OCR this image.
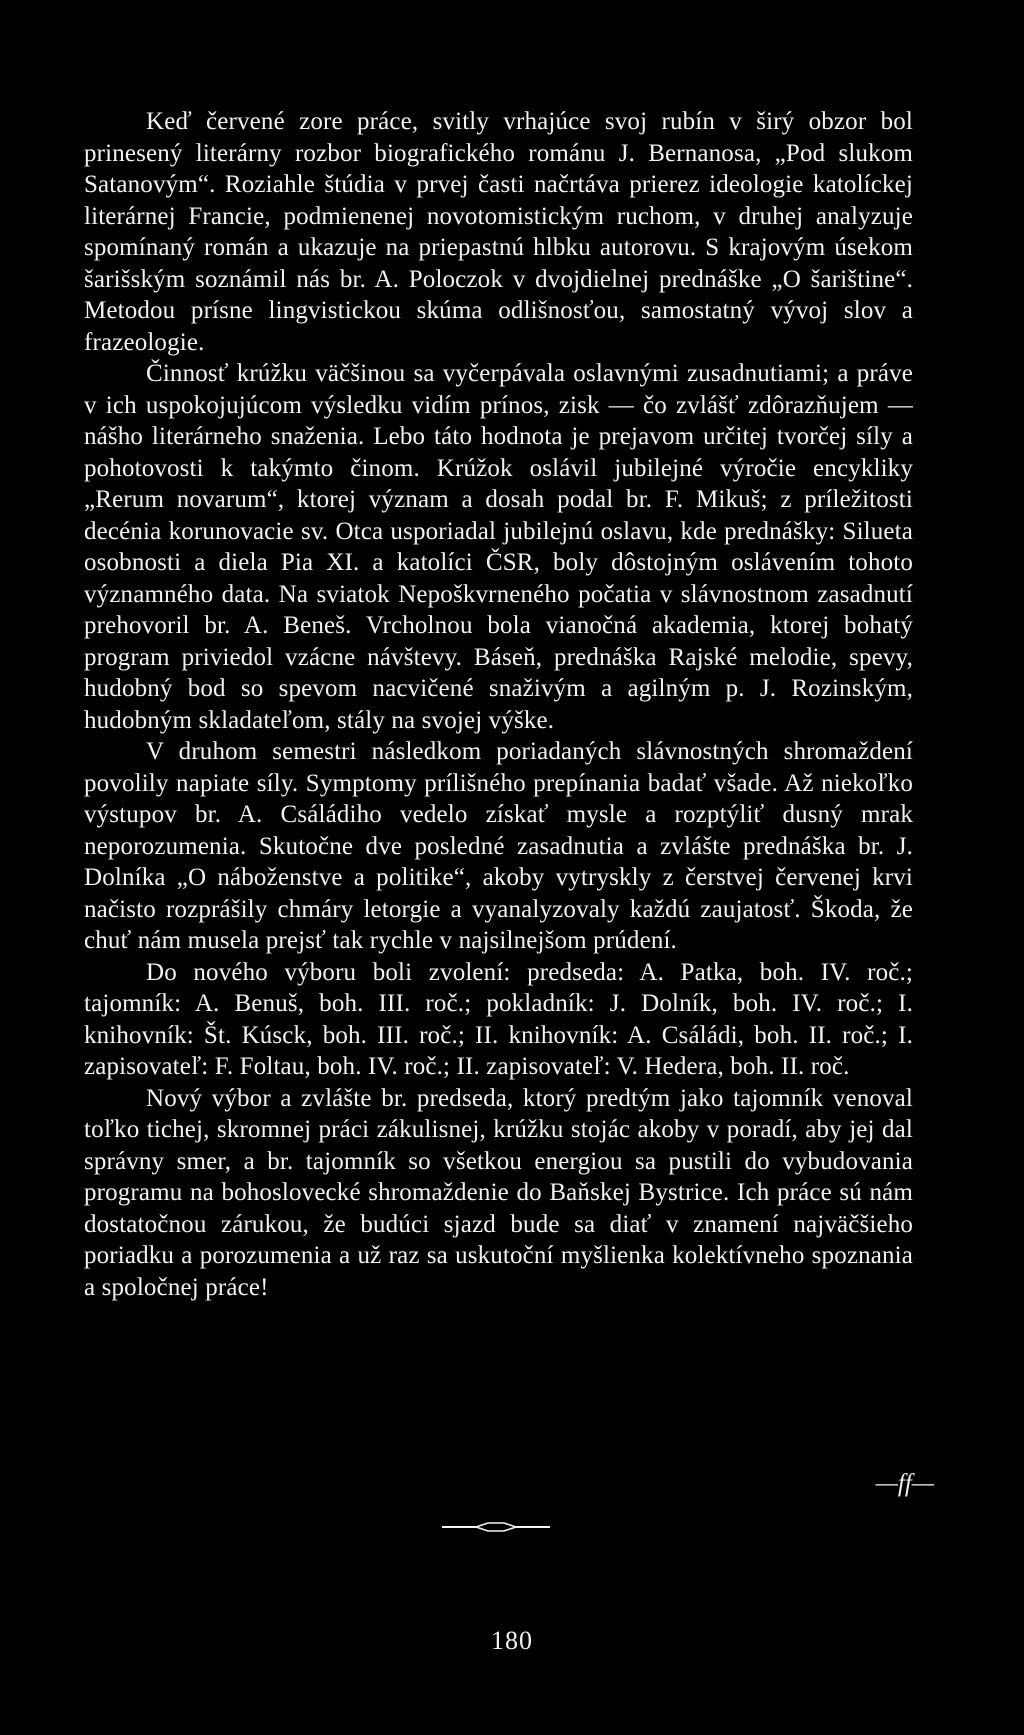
Keď červené zore práce, svitly vrhajúce svoj rubín v širý obzor bol prinesený literárny rozbor biografického románu J. Bernanosa, „Pod slukom Satanovým“. Roziahle štúdia v prvej časti načrtáva prierez ideologie katolíckej literárnej Francie, podmienenej novotomistickým ruchom, v druhej analyzuje spomínaný román a ukazuje na priepastnú hlbku autorovu. S krajovým úsekom šarišským soznámil nás br. A. Poloczok v dvojdielnej prednáške „O šarištine“. Metodou prísne lingvistickou skúma odlišnosťou, samostatný vývoj slov a frazeologie.

Činnosť krúžku väčšinou sa vyčerpávala oslavnými zusadnutiami; a práve v ich uspokojujúcom výsledku vidím prínos, zisk — čo zvlášť zdôrazňujem — nášho literárneho snaženia. Lebo táto hodnota je prejavom určitej tvorčej síly a pohotovosti k takýmto činom. Krúžok oslávil jubilejné výročie encykliky „Rerum novarum“, ktorej význam a dosah podal br. F. Mikuš; z príležitosti decénia korunovacie sv. Otca usporiadal jubilejnú oslavu, kde prednášky: Silueta osobnosti a diela Pia XI. a katolíci ČSR, boly dôstojným oslávením tohoto významného data. Na sviatok Nepoškvrneného počatia v slávnostnom zasadnutí prehovoril br. A. Beneš. Vrcholnou bola vianočná akademia, ktorej bohatý program priviedol vzácne návštevy. Báseň, prednáška Rajské melodie, spevy, hudobný bod so spevom nacvičené snaživým a agilným p. J. Rozinským, hudobným skladateľom, stály na svojej výške.

V druhom semestri následkom poriadaných slávnostných shromaždení povolily napiate síly. Symptomy prílišného prepínania badať všade. Až niekoľko výstupov br. A. Csáládiho vedelo získať mysle a rozptýliť dusný mrak neporozumenia. Skutočne dve posledné zasadnutia a zvlášte prednáška br. J. Dolníka „O náboženstve a politike“, akoby vytryskly z čerstvej červenej krvi načisto rozprášily chmáry letorgie a vyanalyzovaly každú zaujatosť. Škoda, že chuť nám musela prejsť tak rychle v najsilnejšom prúdení.

Do nového výboru boli zvolení: predseda: A. Patka, boh. IV. roč.; tajomník: A. Benuš, boh. III. roč.; pokladník: J. Dolník, boh. IV. roč.; I. knihovník: Št. Kúsck, boh. III. roč.; II. knihovník: A. Csáládi, boh. II. roč.; I. zapisovateľ: F. Foltau, boh. IV. roč.; II. zapisovateľ: V. Hedera, boh. II. roč.

Nový výbor a zvlášte br. predseda, ktorý predtým jako tajomník venoval toľko tichej, skromnej práci zákulisnej, krúžku stojác akoby v poradí, aby jej dal správny smer, a br. tajomník so všetkou energiou sa pustili do vybudovania programu na bohoslovecké shromaždenie do Baňskej Bystrice. Ich práce sú nám dostatočnou zárukou, že budúci sjazd bude sa diať v znamení najväčšieho poriadku a porozumenia a už raz sa uskutoční myšlienka kolektívneho spoznania a spoločnej práce!

—ff—
180
